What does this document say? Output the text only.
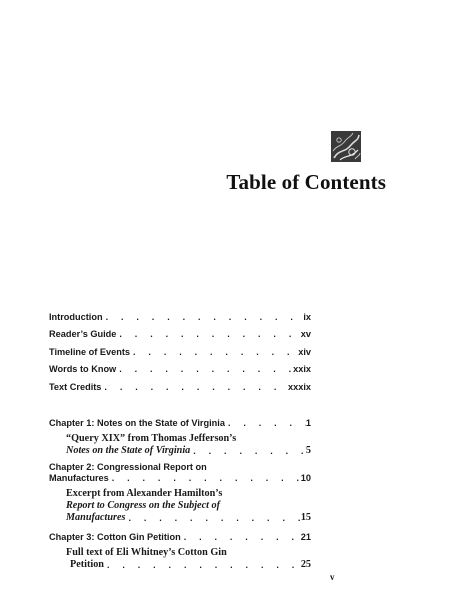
Table of Contents
Introduction . . .	ix
Reader’s Guide . . .	xv
Timeline of Events . . .	xiv
Words to Know . . .	xxix
Text Credits . . .	xxxix
Chapter 1: Notes on the State of Virginia . . .	1
“Query XIX” from Thomas Jefferson’s
Notes on the State of Virginia . . .	5
Chapter 2: Congressional Report on
Manufactures . . .	10
Excerpt from Alexander Hamilton’s
Report to Congress on the Subject of
Manufactures . . .	15
Chapter 3: Cotton Gin Petition . . .	21
Full text of Eli Whitney’s Cotton Gin
Petition . . .	25
v
